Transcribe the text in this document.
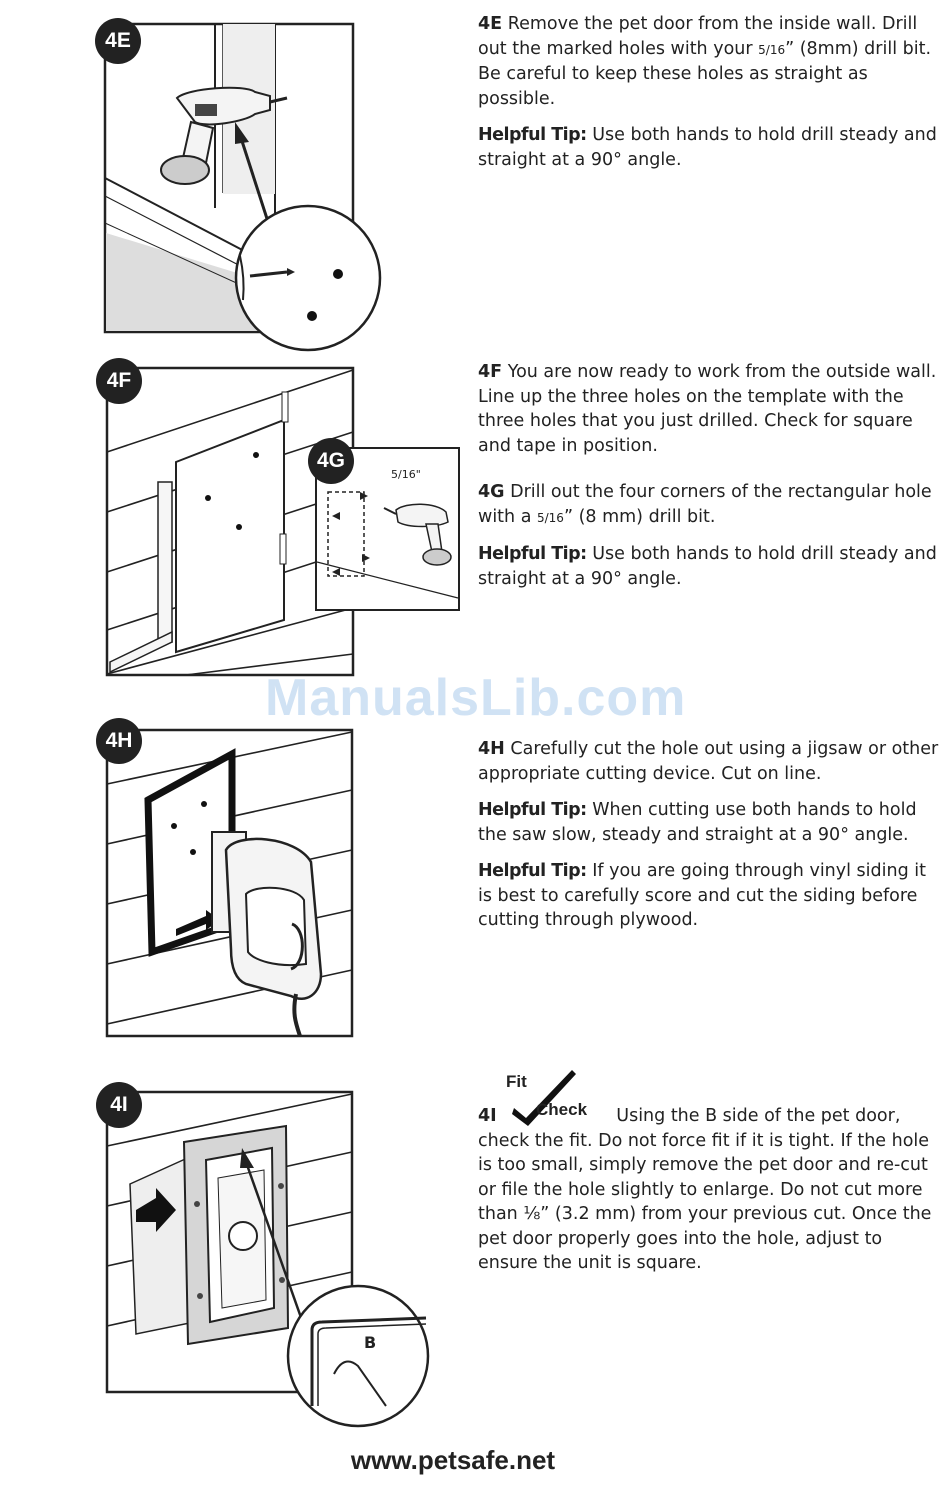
4E

4E Remove the pet door from the inside wall. Drill out the marked holes with your 5/16” (8mm) drill bit. Be careful to keep these holes as straight as possible.

Helpful Tip: Use both hands to hold drill steady and straight at a 90° angle.

5/16"
4F
4G

4F You are now ready to work from the outside wall. Line up the three holes on the template with the three holes that you just drilled. Check for square and tape in position.

4G Drill out the four corners of the rectangular hole with a 5/16” (8 mm) drill bit.

Helpful Tip: Use both hands to hold drill steady and straight at a 90° angle.

ManualsLib.com
4H	4H Carefully cut the hole out using a jigsaw or other appropriate cutting device. Cut on line.

Helpful Tip: When cutting use both hands to hold the saw slow, steady and straight at a 90° angle.

Helpful Tip: If you are going through vinyl siding it is best to carefully score and cut the siding before cutting through plywood.

B
4I
Fit
Check

4I	Using the B side of the pet door, check the fit. Do not force fit if it is tight. If the hole is too small, simply remove the pet door and re-cut or file the hole slightly to enlarge. Do not cut more than ⅛” (3.2 mm) from your previous cut. Once the pet door properly goes into the hole, adjust to ensure the unit is square.

www.petsafe.net
